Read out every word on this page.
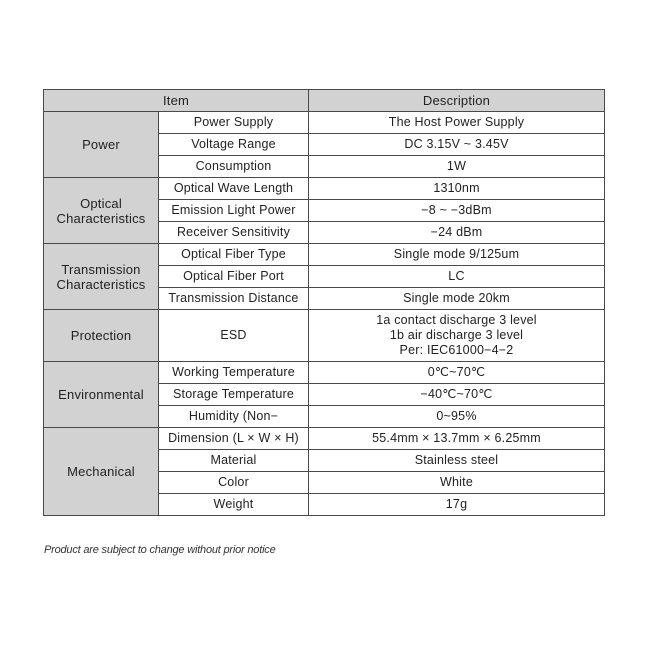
Item		Description
Power	Power Supply	The Host Power Supply
	Voltage Range	DC 3.15V ~ 3.45V
	Consumption	1W
Optical Characteristics	Optical Wave Length	1310nm
	Emission Light Power	−8 ~ −3dBm
	Receiver Sensitivity	−24 dBm
Transmission Characteristics	Optical Fiber Type	Single mode 9/125um
	Optical Fiber Port	LC
	Transmission Distance	Single mode 20km
Protection	ESD	1a contact discharge 3 level
1b air discharge 3 level
Per: IEC61000−4−2

Environmental	Working Temperature	0℃~70℃
	Storage Temperature	−40℃~70℃
	Humidity (Non−	0~95%
Mechanical	Dimension (L × W × H)	55.4mm × 13.7mm × 6.25mm
	Material	Stainless steel
	Color	White
	Weight	17g
Product are subject to change without prior notice
